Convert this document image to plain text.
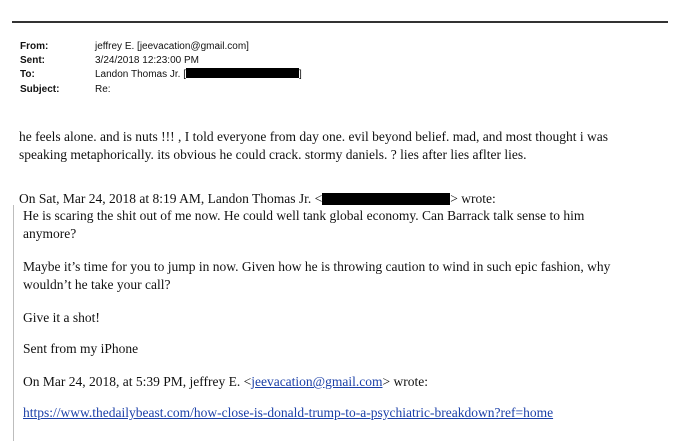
From:	jeffrey E. [jeevacation@gmail.com]
Sent:	3/24/2018 12:23:00 PM
To:	Landon Thomas Jr. [	]
Subject:	Re:
he feels alone. and is nuts !!! , I told everyone from day one. evil beyond belief. mad, and most thought i was
speaking metaphorically. its obvious he could crack. stormy daniels. ? lies after lies aflter lies.
On Sat, Mar 24, 2018 at 8:19 AM, Landon Thomas Jr. <	> wrote:
He is scaring the shit out of me now. He could well tank global economy. Can Barrack talk sense to him
anymore?
Maybe it’s time for you to jump in now. Given how he is throwing caution to wind in such epic fashion, why
wouldn’t he take your call?
Give it a shot!
Sent from my iPhone
On Mar 24, 2018, at 5:39 PM, jeffrey E. <jeevacation@gmail.com> wrote:
https://www.thedailybeast.com/how-close-is-donald-trump-to-a-psychiatric-breakdown?ref=home
